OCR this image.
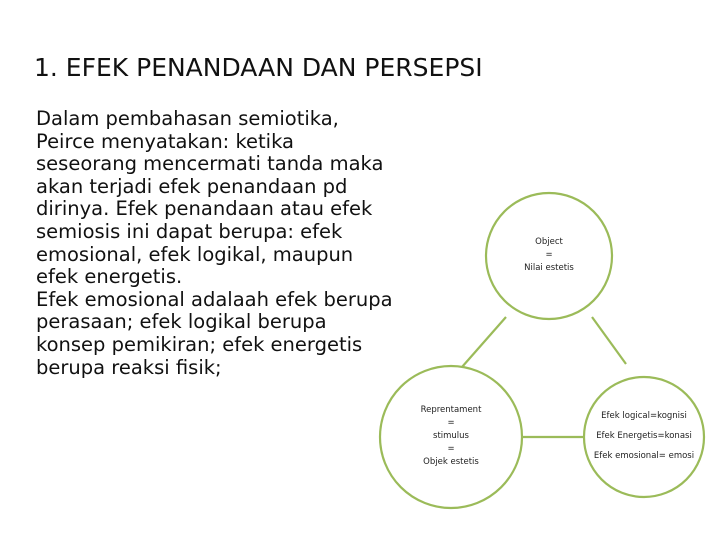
1. EFEK PENANDAAN DAN PERSEPSI

Dalam pembahasan semiotika, Peirce menyatakan: ketika seseorang mencermati tanda maka akan terjadi efek penandaan pd dirinya. Efek penandaan atau efek semiosis ini dapat berupa: efek emosional, efek logikal, maupun efek energetis.

Efek emosional adalaah efek berupa perasaan; efek logikal berupa konsep pemikiran; efek energetis berupa reaksi fisik;

Object
=
Nilai estetis
Reprentament
=
stimulus
=
Objek estetis
Efek logical=kognisi
Efek Energetis=konasi
Efek emosional= emosi
